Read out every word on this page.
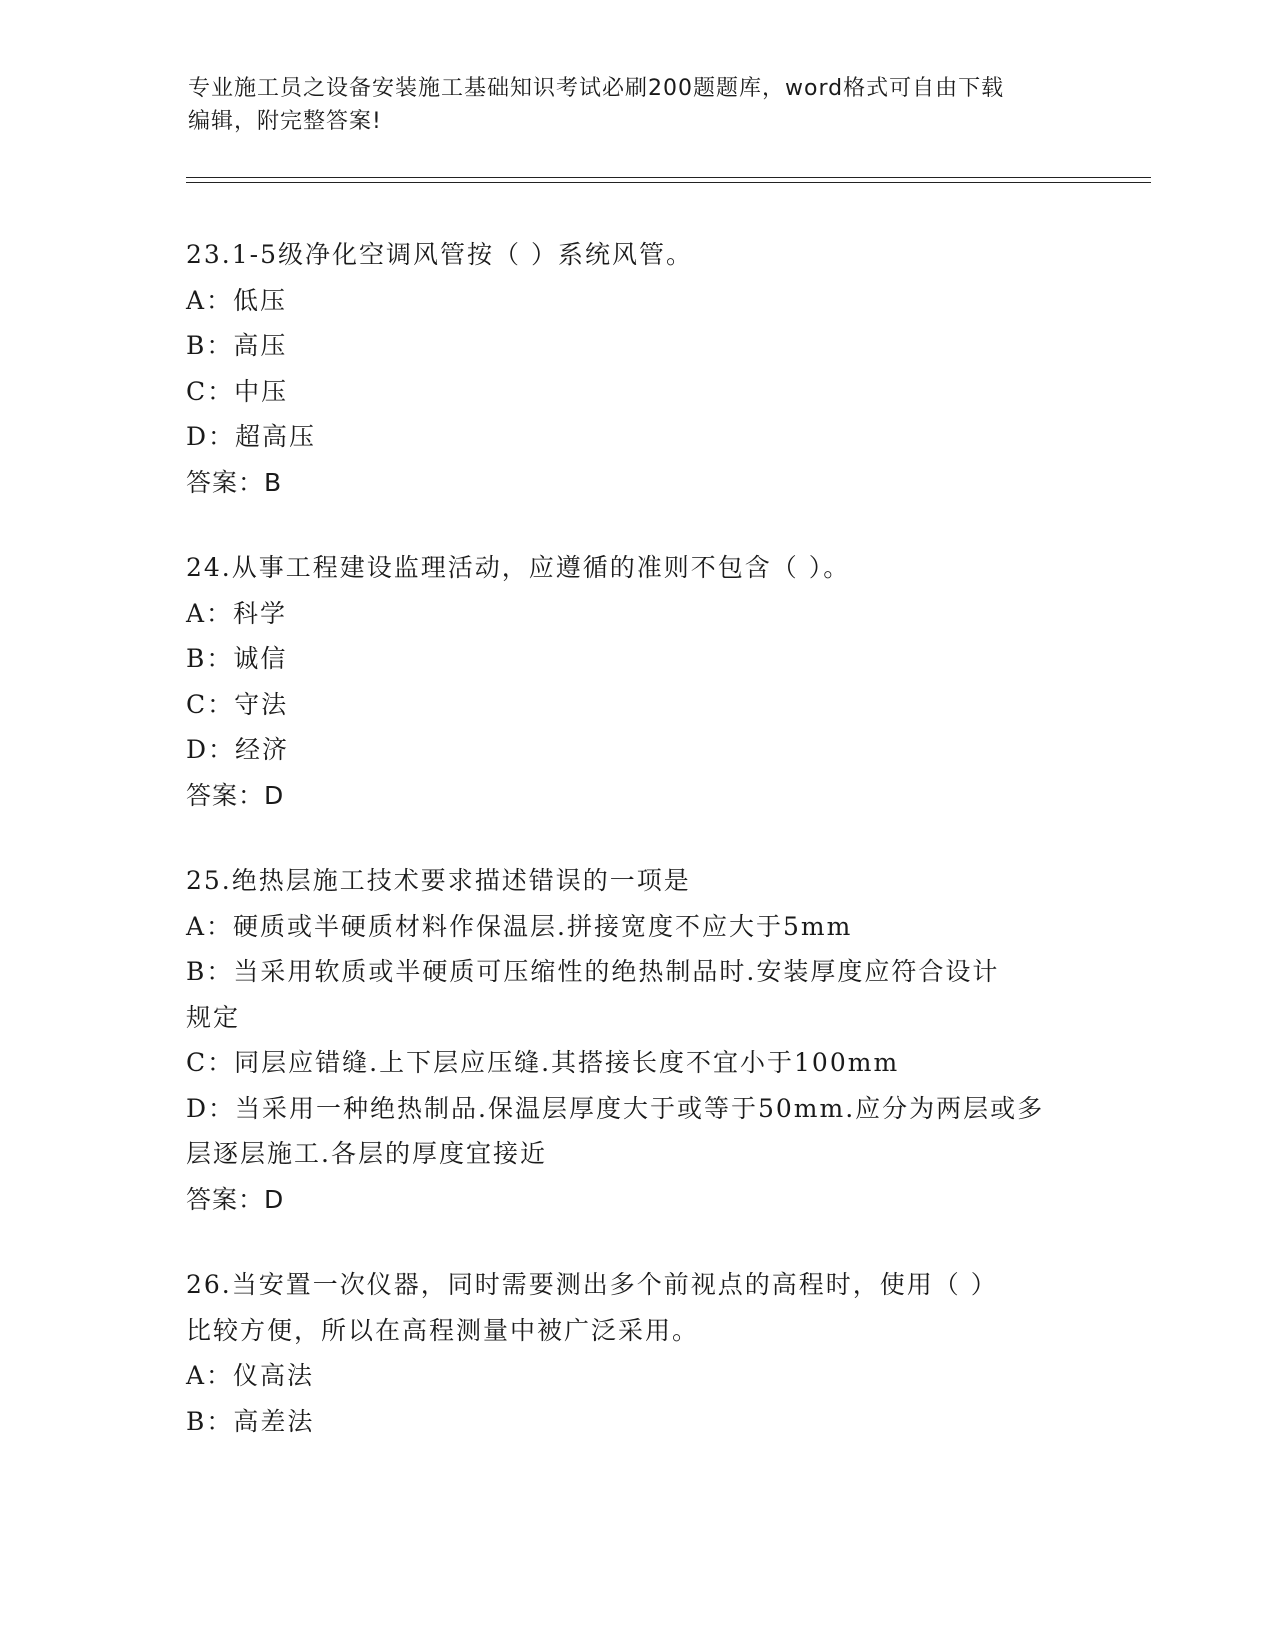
专业施工员之设备安装施工基础知识考试必刷200题题库，word格式可自由下载
编辑，附完整答案!
23.1-5级净化空调风管按（ ）系统风管。
A：低压
B：高压
C：中压
D：超高压
答案：B
24.从事工程建设监理活动，应遵循的准则不包含（ ）。
A：科学
B：诚信
C：守法
D：经济
答案：D
25.绝热层施工技术要求描述错误的一项是
A：硬质或半硬质材料作保温层.拼接宽度不应大于5mm
B：当采用软质或半硬质可压缩性的绝热制品时.安装厚度应符合设计
规定
C：同层应错缝.上下层应压缝.其搭接长度不宜小于100mm
D：当采用一种绝热制品.保温层厚度大于或等于50mm.应分为两层或多
层逐层施工.各层的厚度宜接近
答案：D
26.当安置一次仪器，同时需要测出多个前视点的高程时，使用（ ）
比较方便，所以在高程测量中被广泛采用。
A：仪高法
B：高差法
